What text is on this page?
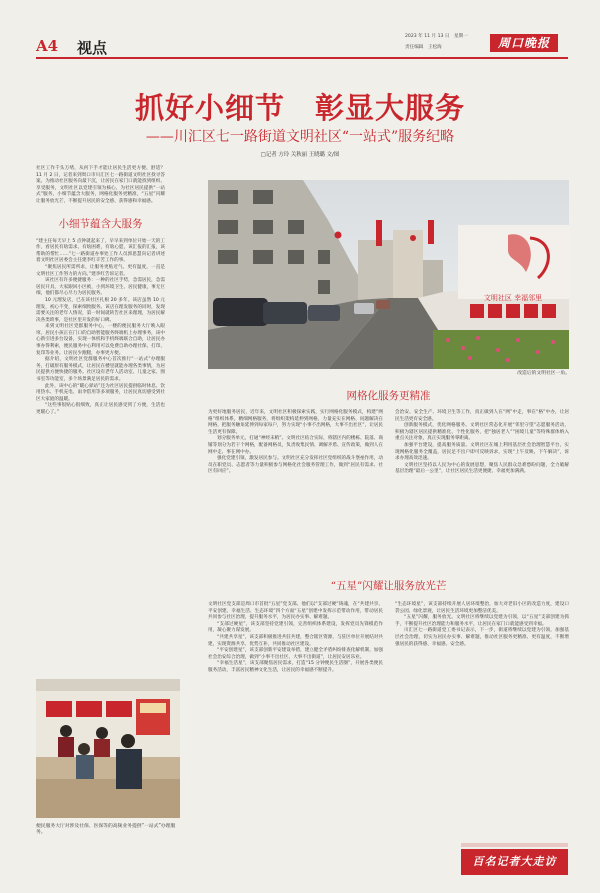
A4 视点
2023 年 11 月 13 日　星期一
责任编辑　王松海	周口晚报
抓好小细节　彰显大服务
——川汇区七一路街道文明社区“一站式”服务纪略
□记者 方玲 关秋丽 王晓璐 文/图

社区工作千头万绪，从何下手才能让居民生活更方便、舒适？11 月 2 日，记者来到周口市川汇区七一路街道文明社区找寻答案。为推动社区服务向最下沉，让居民在家门口就能找到组织、享受服务，文明社区以党建引领为核心，为社区居民提供“一站式”服务，小细节蕴含大服务，网格化服务更精准，“五星”闪耀让服务放光芒，不断提升居民的安全感、获得感和幸福感。

小细节蕴含大服务

“建主任每天早上 5 点钟就起来了，早早来到单位开始一天的工作，看居民有啥需求、有啥困难，有啥心愿，该汇报的汇报，该帮助的帮忙……”七一路街道办事处工作人员郭思慧向记者讲述着文明社区居委会主任建李红辛苦工作的事。

“聚焦居民所需所求，让服务更贴近气、更有温度，一直是文明社区工作努力的方向。”建李红告诉记者。

该社区有许多便捷服务：一种的社区手势，急需居民，急需居民开具，大家跟回小区被，小到环境卫生、居民健康，事无巨细，他们都尽心尽力为居民服务。

10 元理发店，已在该社区扎根 20 多年。该店虽然 10 元理发，初心不变，探索细致服务。该店在理发服务的同时，发现需要关注的老年人情况，第一时间就转告社区来理理，为居民解决各类琐事，是社区里开发的好口碑。

来到文明社区党群服务中心，一楼的便民服务大厅映入眼帘。居民小孩正在门口的自助智能服务终端机上办理事务，该中心新引进多台设备，实现一体机和手机终端联合自助，让居民办事办得利索，便民服务中心利用可以免费自助办理社保、打印、复印等业务。让居民少跑腿，办事更方便。

据介绍，文明社区党群服务中心首次推行“一站式”办理服务，打破原有服务模式，让居民在楼里就能办理各类事情，为居民提供方便快捷的服务。社区设有老年人活动室、儿童之家、图书室等功能室，多个场景满足居民的需求。

此外，该中心的“暖心驿站”还为社区居民提供临时休息、饮用热水、手机充电、雨伞借用等多项服务，让居民真切感受到社区大家庭的温暖。

“这些事很贴心很细致，真正让居民感受到了方便，生活也更暖心了。”

文明社区 幸福邻里
改造后的文明社区一角。
网格化服务更精准

为更好地服务居民，近年来，文明社区积极探索实践，实行网格化服务模式，构建“网格”组织体系，精细网格服务，将组织架构延伸到网格，力量充实在网格、问题解决在网格，把服务触角延伸到每家每户，努力实现“小事不出网格，大事不出社区”，让居民生活更有保障。

划分服务单元，打通“神经末梢”。文明社区结合实际，将辖区内的楼栋、院落、商铺等划分为若干个网格，配备网格员，负责收集民情、调解矛盾、宣传政策，做到人在网中走、事在网中办。

强化党建引领，激发居民参与。文明社区充分发挥社区党组织的战斗堡垒作用，动员在职党员、志愿者等力量积极参与网格化社会服务管理工作，做到“居民有需求、社区有回应”。

会治安、安全生产、环境卫生等工作，真正做到人在“网”中走，事在“格”中办，让居民生活更有安全感。

创新服务模式，优化网格服务。文明社区常态化开展“邻里守望”志愿服务活动，积极为辖区居民提供精准化、个性化服务，把“独居老人”“困境儿童”等特殊群体纳入重点关注对象，真正实现服务零距离。

加强平台建设，提高服务质量。文明社区在城上利用基层社会治理智慧平台，实现网格化服务全覆盖，居民足不出户即可反映诉求，实现“上午反映、下午解决”，诉求办理高效迅速。

文明社区坚持以人民为中心的发展思想，聚焦人民群众急难愁盼问题，全力破解基层治理“最后一公里”，让社区居民生活更便捷、幸福更加满满。

“五星”闪耀让服务放光芒

文明社区党支部是周口市首批“五星”党支部。他们以“支部过硬”铸魂，在“共建共享、平安创建、幸福生活、生态环境”四个方面“五星”创建中发挥示范带动作用，带动居民共同参与社区治理，提升服务水平，为居民办实事、解难题。

“支部过硬星”，该支部坚持党建引领，完善组织体系建设，发挥党员先锋模范作用，凝心聚力谋发展。

“共建共享星”，该支部积极推进共驻共建，整合辖区资源，与驻区单位开展结对共建，实现资源共享、优势互补，共同推动社区建设。

“平安创建星”，该支部创新平安建设举措，建立健全矛盾纠纷排查化解机制，加强社会治安综合治理，做到“小事不出社区、大事不出街道”，让居民安居乐业。

“幸福生活星”，该支部聚焦居民需求，打造“15 分钟便民生活圈”，开展各类便民服务活动，丰富居民精神文化生活，让居民的幸福感不断提升。

“生态环境星”，该支部持续开展人居环境整治，加大对老旧小区的改造力度，建设口袋公园、绿化景观，让居民生活环境更加整洁优美。

“五星”闪耀，服务放光。文明社区将继续以党建为引领，以“五星”支部创建为抓手，不断提升社区治理能力和服务水平，让居民在家门口就能感受到幸福。

川汇区七一路街道党工委书记表示，下一步，街道将继续以党建为引领，加强基层社会治理，切实为居民办实事、解难题，推动社区服务更精准、更有温度，不断增强居民的获得感、幸福感、安全感。

便民服务大厅对涉及社保、医保等的高频业务提供“一站式”办理服务。
百名记者大走访
